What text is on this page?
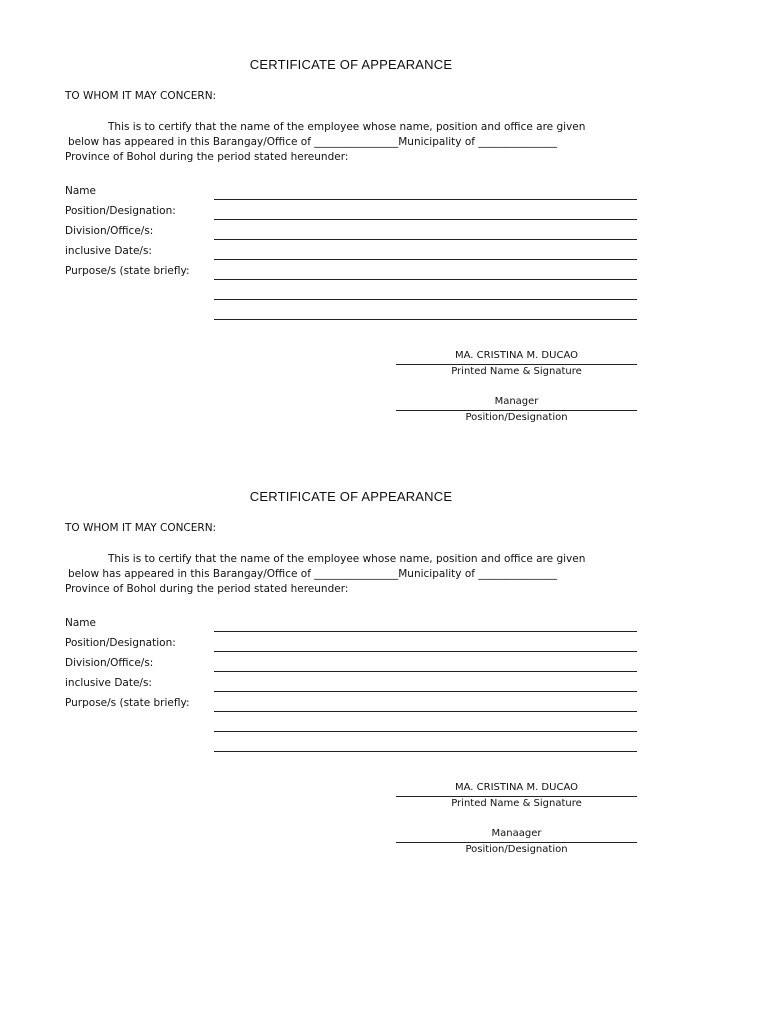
CERTIFICATE OF APPEARANCE
TO WHOM IT MAY CONCERN:
This is to certify that the name of the employee whose name, position and office are given
below has appeared in this Barangay/Office of ________________Municipality of _______________
Province of Bohol during the period stated hereunder:
Name
Position/Designation:
Division/Office/s:
inclusive Date/s:
Purpose/s (state briefly:
MA. CRISTINA M. DUCAO
Printed Name & Signature
Manager
Position/Designation
CERTIFICATE OF APPEARANCE
TO WHOM IT MAY CONCERN:
This is to certify that the name of the employee whose name, position and office are given
below has appeared in this Barangay/Office of ________________Municipality of _______________
Province of Bohol during the period stated hereunder:
Name
Position/Designation:
Division/Office/s:
inclusive Date/s:
Purpose/s (state briefly:
MA. CRISTINA M. DUCAO
Printed Name & Signature
Manaager
Position/Designation
